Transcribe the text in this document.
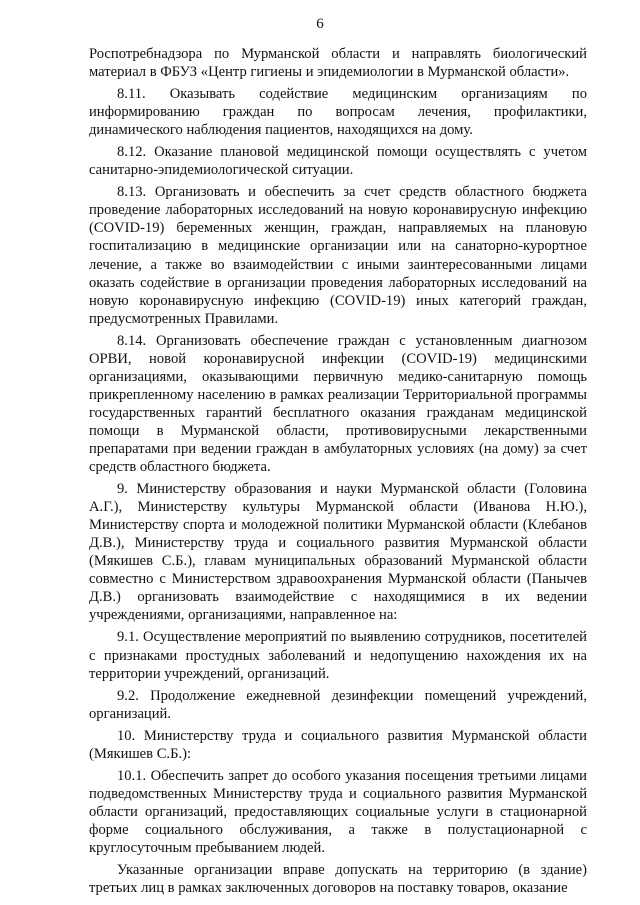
6

Роспотребнадзора по Мурманской области и направлять биологический материал в ФБУЗ «Центр гигиены и эпидемиологии в Мурманской области».

8.11. Оказывать содействие медицинским организациям по информированию граждан по вопросам лечения, профилактики, динамического наблюдения пациентов, находящихся на дому.

8.12. Оказание плановой медицинской помощи осуществлять с учетом санитарно-эпидемиологической ситуации.

8.13. Организовать и обеспечить за счет средств областного бюджета проведение лабораторных исследований на новую коронавирусную инфекцию (COVID-19) беременных женщин, граждан, направляемых на плановую госпитализацию в медицинские организации или на санаторно-курортное лечение, а также во взаимодействии с иными заинтересованными лицами оказать содействие в организации проведения лабораторных исследований на новую коронавирусную инфекцию (COVID-19) иных категорий граждан, предусмотренных Правилами.

8.14. Организовать обеспечение граждан с установленным диагнозом ОРВИ, новой коронавирусной инфекции (COVID-19) медицинскими организациями, оказывающими первичную медико-санитарную помощь прикрепленному населению в рамках реализации Территориальной программы государственных гарантий бесплатного оказания гражданам медицинской помощи в Мурманской области, противовирусными лекарственными препаратами при ведении граждан в амбулаторных условиях (на дому) за счет средств областного бюджета.

9. Министерству образования и науки Мурманской области (Головина А.Г.), Министерству культуры Мурманской области (Иванова Н.Ю.), Министерству спорта и молодежной политики Мурманской области (Клебанов Д.В.), Министерству труда и социального развития Мурманской области (Мякишев С.Б.), главам муниципальных образований Мурманской области совместно с Министерством здравоохранения Мурманской области (Панычев Д.В.) организовать взаимодействие с находящимися в их ведении учреждениями, организациями, направленное на:

9.1. Осуществление мероприятий по выявлению сотрудников, посетителей с признаками простудных заболеваний и недопущению нахождения их на территории учреждений, организаций.

9.2. Продолжение ежедневной дезинфекции помещений учреждений, организаций.

10. Министерству труда и социального развития Мурманской области (Мякишев С.Б.):

10.1. Обеспечить запрет до особого указания посещения третьими лицами подведомственных Министерству труда и социального развития Мурманской области организаций, предоставляющих социальные услуги в стационарной форме социального обслуживания, а также в полустационарной с круглосуточным пребыванием людей.

Указанные организации вправе допускать на территорию (в здание) третьих лиц в рамках заключенных договоров на поставку товаров, оказание
